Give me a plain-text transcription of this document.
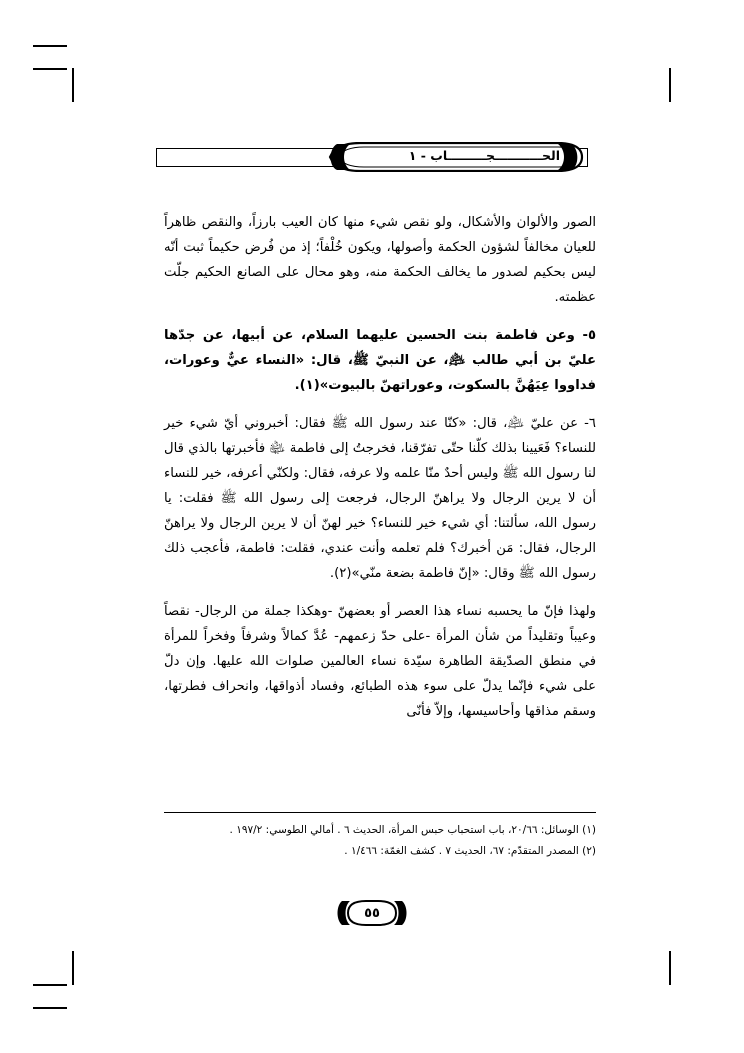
الحـــــــــــجـــــــــاب - ١

الصور والألوان والأشكال، ولو نقص شيء منها كان العيب بارزاً، والنقص ظاهراً للعيان مخالفاً لشؤون الحكمة وأصولها، ويكون خُلْفاً؛ إذ من فُرض حكيماً ثبت أنّه ليس بحكيم لصدور ما يخالف الحكمة منه، وهو محال على الصانع الحكيم جلّت عظمته.

٥- وعن فاطمة بنت الحسين عليهما السلام، عن أبيها، عن جدّها عليّ بن أبي طالب ﵇، عن النبيّ ﷺ، قال: «النساء عيٌّ وعورات، فداووا عِيَهُنَّ بالسكوت، وعوراتهنّ بالبيوت»(١).

٦- عن عليّ ﵇، قال: «كنّا عند رسول الله ﷺ فقال: أخبروني أيّ شيء خير للنساء؟ فَعَيينا بذلك كلّنا حتّى تفرّقنا، فخرجتُ إلى فاطمة ﵍ فأخبرتها بالذي قال لنا رسول الله ﷺ وليس أحدٌ منّا علمه ولا عرفه، فقال: ولكنّي أعرفه، خير للنساء أن لا يرين الرجال ولا يراهنّ الرجال، فرجعت إلى رسول الله ﷺ فقلت: يا رسول الله، سألتنا: أي شيء خير للنساء؟ خير لهنّ أن لا يرين الرجال ولا يراهنّ الرجال، فقال: مَن أخبرك؟ فلم تعلمه وأنت عندي، فقلت: فاطمة، فأعجب ذلك رسول الله ﷺ وقال: «إنّ فاطمة بضعة منّي»(٢).

ولهذا فإنّ ما يحسبه نساء هذا العصر أو بعضهنّ -وهكذا جملة من الرجال- نقصاً وعيباً وتقليداً من شأن المرأة -على حدّ زعمهم- عُدَّ كمالاً وشرفاً وفخراً للمرأة في منطق الصدّيقة الطاهرة سيّدة نساء العالمين صلوات الله عليها. وإن دلّ على شيء فإنّما يدلّ على سوء هذه الطبائع، وفساد أذواقها، وانحراف فطرتها، وسقم مذاقها وأحاسيسها، وإلاّ فأنّى

(١) الوسائل: ٢٠/٦٦، باب استحباب حبس المرأة، الحديث ٦ . أمالي الطوسي: ١٩٧/٢ .

(٢) المصدر المتقدّم: ٦٧، الحديث ٧ . كشف الغمّة: ١/٤٦٦ .

٥٥
